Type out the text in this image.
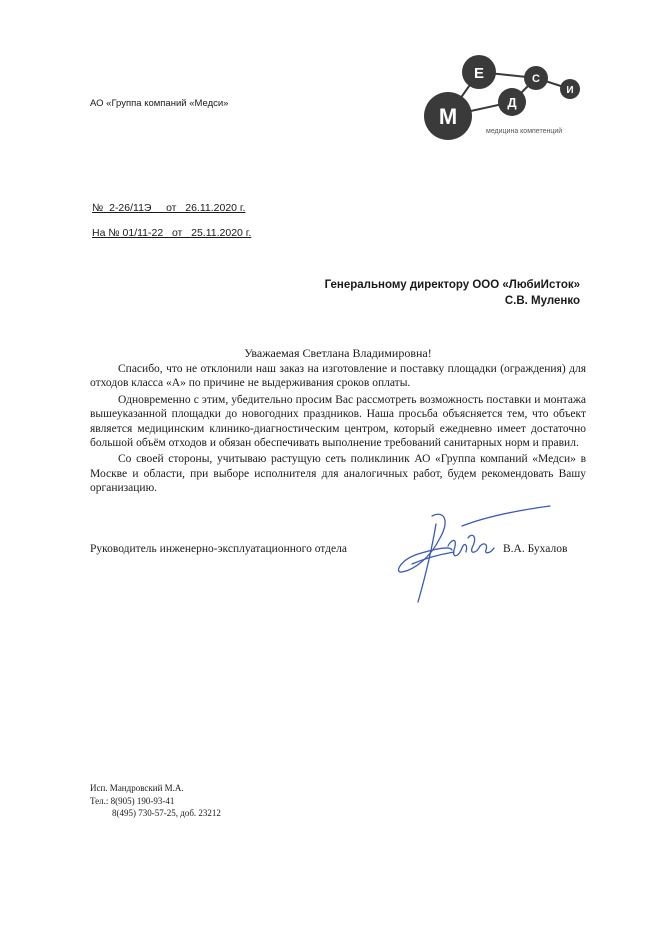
АО «Группа компаний «Медси»
М
Е
Д
С
И
медицина компетенций
№  2-26/11Э     от   26.11.2020 г.
На № 01/11-22   от   25.11.2020 г.
Генеральному директору ООО «ЛюбиИсток»
С.В. Муленко
Уважаемая Светлана Владимировна!

Спасибо, что не отклонили наш заказ на изготовление и поставку площадки (ограждения) для отходов класса «А» по причине не выдерживания сроков оплаты.

Одновременно с этим, убедительно просим Вас рассмотреть возможность поставки и монтажа вышеуказанной площадки до новогодних праздников. Наша просьба объясняется тем, что объект является медицинским клинико-диагностическим центром, который ежедневно имеет достаточно большой объём отходов и обязан обеспечивать выполнение требований санитарных норм и правил.

Со своей стороны, учитываю растущую сеть поликлиник АО «Группа компаний «Медси» в Москве и области, при выборе исполнителя для аналогичных работ, будем рекомендовать Вашу организацию.

Руководитель инженерно-эксплуатационного отдела	В.А. Бухалов
Исп. Мандровский М.А.
Тел.: 8(905) 190-93-41
8(495) 730-57-25, доб. 23212
